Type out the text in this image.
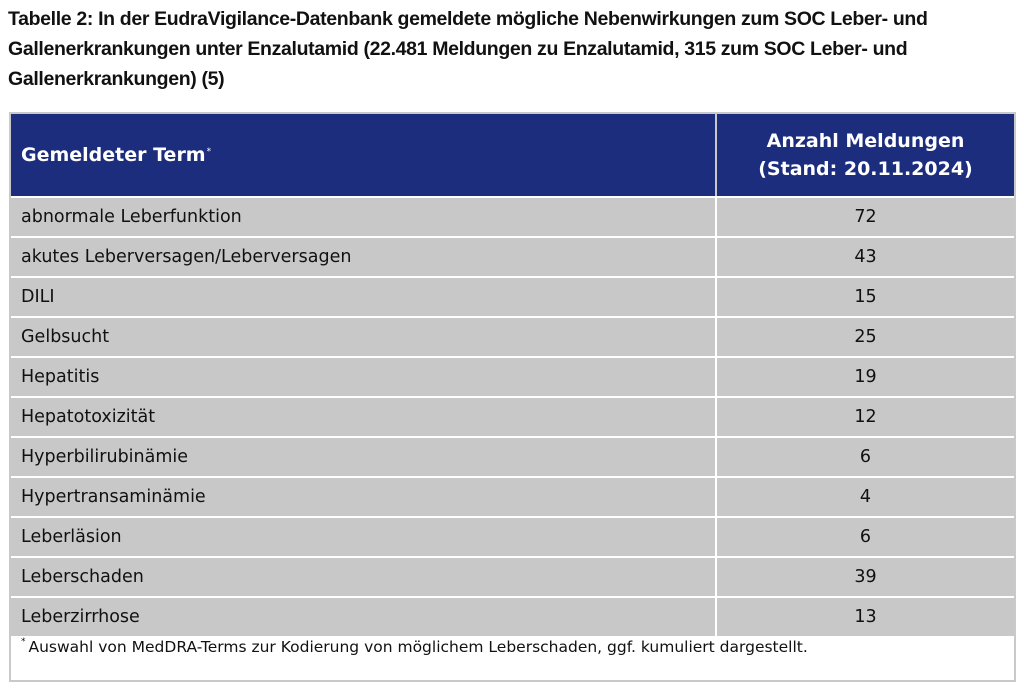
Tabelle 2: In der EudraVigilance-Datenbank gemeldete mögliche Nebenwirkungen zum SOC Leber- und Gallenerkrankungen unter Enzalutamid (22.481 Meldungen zu Enzalutamid, 315 zum SOC Leber- und Gallenerkrankungen) (5)
Gemeldeter Term*	Anzahl Meldungen
(Stand: 20.11.2024)
abnormale Leberfunktion	72
akutes Leberversagen/Leberversagen	43
DILI	15
Gelbsucht	25
Hepatitis	19
Hepatotoxizität	12
Hyperbilirubinämie	6
Hypertransaminämie	4
Leberläsion	6
Leberschaden	39
Leberzirrhose	13
* Auswahl von MedDRA-Terms zur Kodierung von möglichem Leberschaden, ggf. kumuliert dargestellt.
